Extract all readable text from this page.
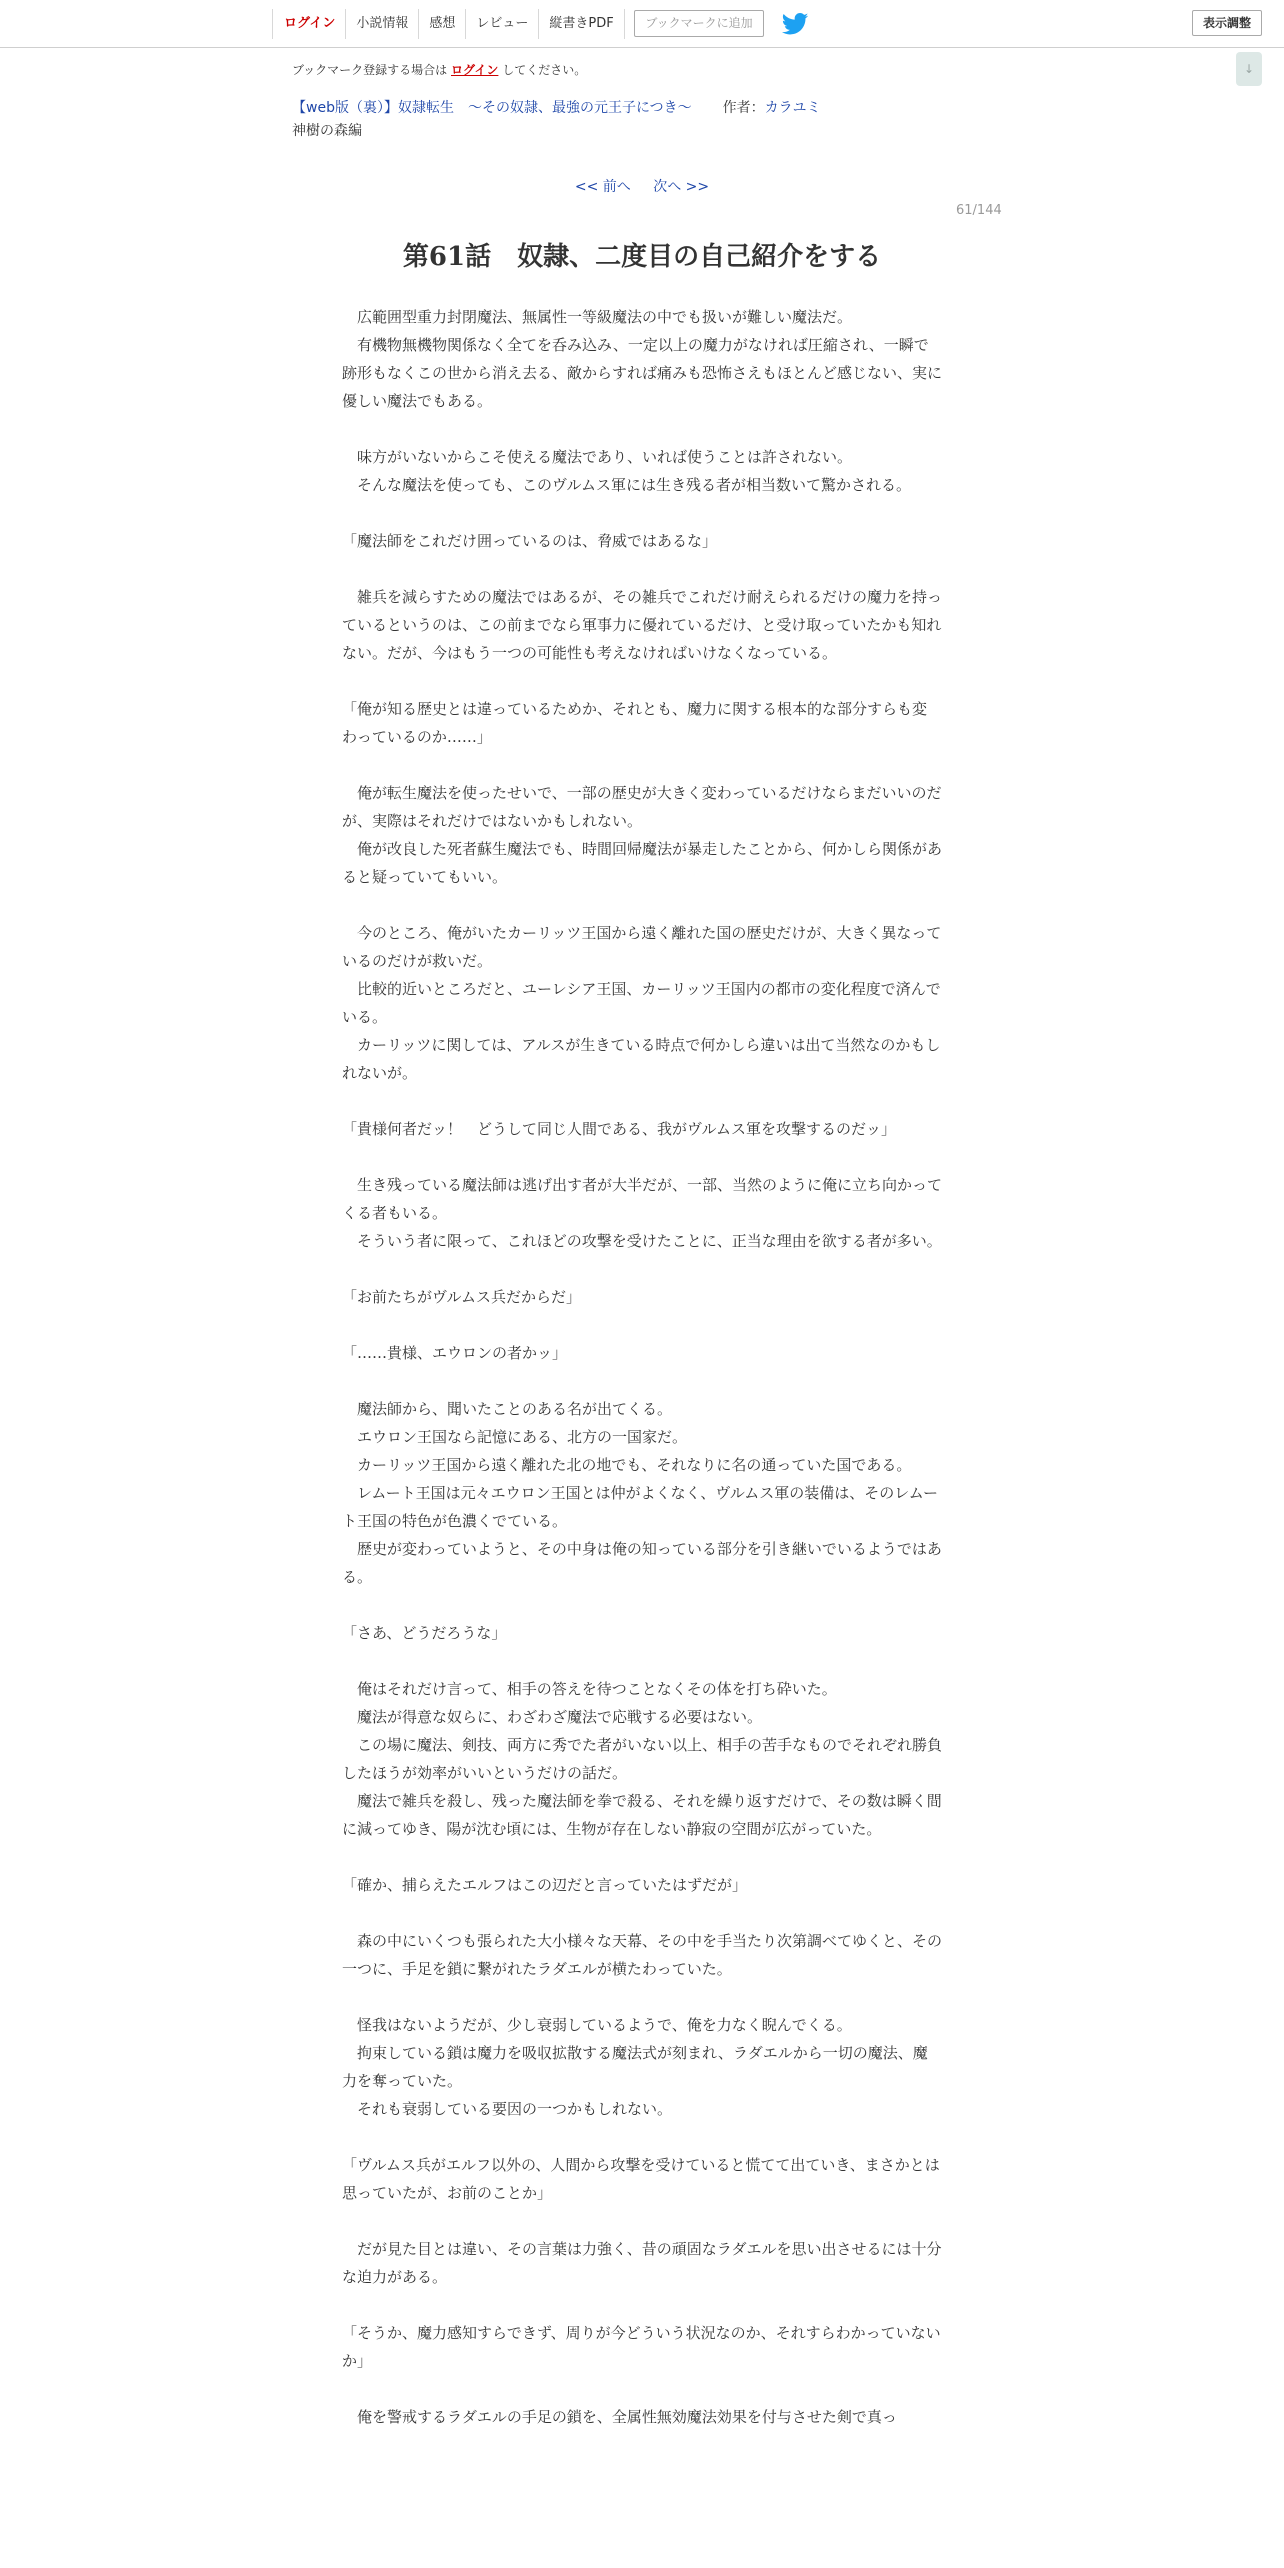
ログイン	小説情報	感想	レビュー	縦書きPDF	ブックマークに追加	表示調整
↓
ブックマーク登録する場合は ログイン してください。
【web版（裏）】奴隷転生　～その奴隷、最強の元王子につき～ 作者：カラユミ
神樹の森編
<< 前へ 次へ >>
61/144
第61話　奴隷、二度目の自己紹介をする

　広範囲型重力封閉魔法、無属性一等級魔法の中でも扱いが難しい魔法だ。

　有機物無機物関係なく全てを呑み込み、一定以上の魔力がなければ圧縮され、一瞬で跡形もなくこの世から消え去る、敵からすれば痛みも恐怖さえもほとんど感じない、実に優しい魔法でもある。

　味方がいないからこそ使える魔法であり、いれば使うことは許されない。

　そんな魔法を使っても、このヴルムス軍には生き残る者が相当数いて驚かされる。

「魔法師をこれだけ囲っているのは、脅威ではあるな」

　雑兵を減らすための魔法ではあるが、その雑兵でこれだけ耐えられるだけの魔力を持っているというのは、この前までなら軍事力に優れているだけ、と受け取っていたかも知れない。だが、今はもう一つの可能性も考えなければいけなくなっている。

「俺が知る歴史とは違っているためか、それとも、魔力に関する根本的な部分すらも変わっているのか……」

　俺が転生魔法を使ったせいで、一部の歴史が大きく変わっているだけならまだいいのだが、実際はそれだけではないかもしれない。

　俺が改良した死者蘇生魔法でも、時間回帰魔法が暴走したことから、何かしら関係があると疑っていてもいい。

　今のところ、俺がいたカーリッツ王国から遠く離れた国の歴史だけが、大きく異なっているのだけが救いだ。

　比較的近いところだと、ユーレシア王国、カーリッツ王国内の都市の変化程度で済んでいる。

　カーリッツに関しては、アルスが生きている時点で何かしら違いは出て当然なのかもしれないが。

「貴様何者だッ！　どうして同じ人間である、我がヴルムス軍を攻撃するのだッ」

　生き残っている魔法師は逃げ出す者が大半だが、一部、当然のように俺に立ち向かってくる者もいる。

　そういう者に限って、これほどの攻撃を受けたことに、正当な理由を欲する者が多い。

「お前たちがヴルムス兵だからだ」

「……貴様、エウロンの者かッ」

　魔法師から、聞いたことのある名が出てくる。

　エウロン王国なら記憶にある、北方の一国家だ。

　カーリッツ王国から遠く離れた北の地でも、それなりに名の通っていた国である。

　レムート王国は元々エウロン王国とは仲がよくなく、ヴルムス軍の装備は、そのレムート王国の特色が色濃くでている。

　歴史が変わっていようと、その中身は俺の知っている部分を引き継いでいるようではある。

「さあ、どうだろうな」

　俺はそれだけ言って、相手の答えを待つことなくその体を打ち砕いた。

　魔法が得意な奴らに、わざわざ魔法で応戦する必要はない。

　この場に魔法、剣技、両方に秀でた者がいない以上、相手の苦手なものでそれぞれ勝負したほうが効率がいいというだけの話だ。

　魔法で雑兵を殺し、残った魔法師を拳で殺る、それを繰り返すだけで、その数は瞬く間に減ってゆき、陽が沈む頃には、生物が存在しない静寂の空間が広がっていた。

「確か、捕らえたエルフはこの辺だと言っていたはずだが」

　森の中にいくつも張られた大小様々な天幕、その中を手当たり次第調べてゆくと、その一つに、手足を鎖に繋がれたラダエルが横たわっていた。

　怪我はないようだが、少し衰弱しているようで、俺を力なく睨んでくる。

　拘束している鎖は魔力を吸収拡散する魔法式が刻まれ、ラダエルから一切の魔法、魔力を奪っていた。

　それも衰弱している要因の一つかもしれない。

「ヴルムス兵がエルフ以外の、人間から攻撃を受けていると慌てて出ていき、まさかとは思っていたが、お前のことか」

　だが見た目とは違い、その言葉は力強く、昔の頑固なラダエルを思い出させるには十分な迫力がある。

「そうか、魔力感知すらできず、周りが今どういう状況なのか、それすらわかっていないか」

　俺を警戒するラダエルの手足の鎖を、全属性無効魔法効果を付与させた剣で真っ
